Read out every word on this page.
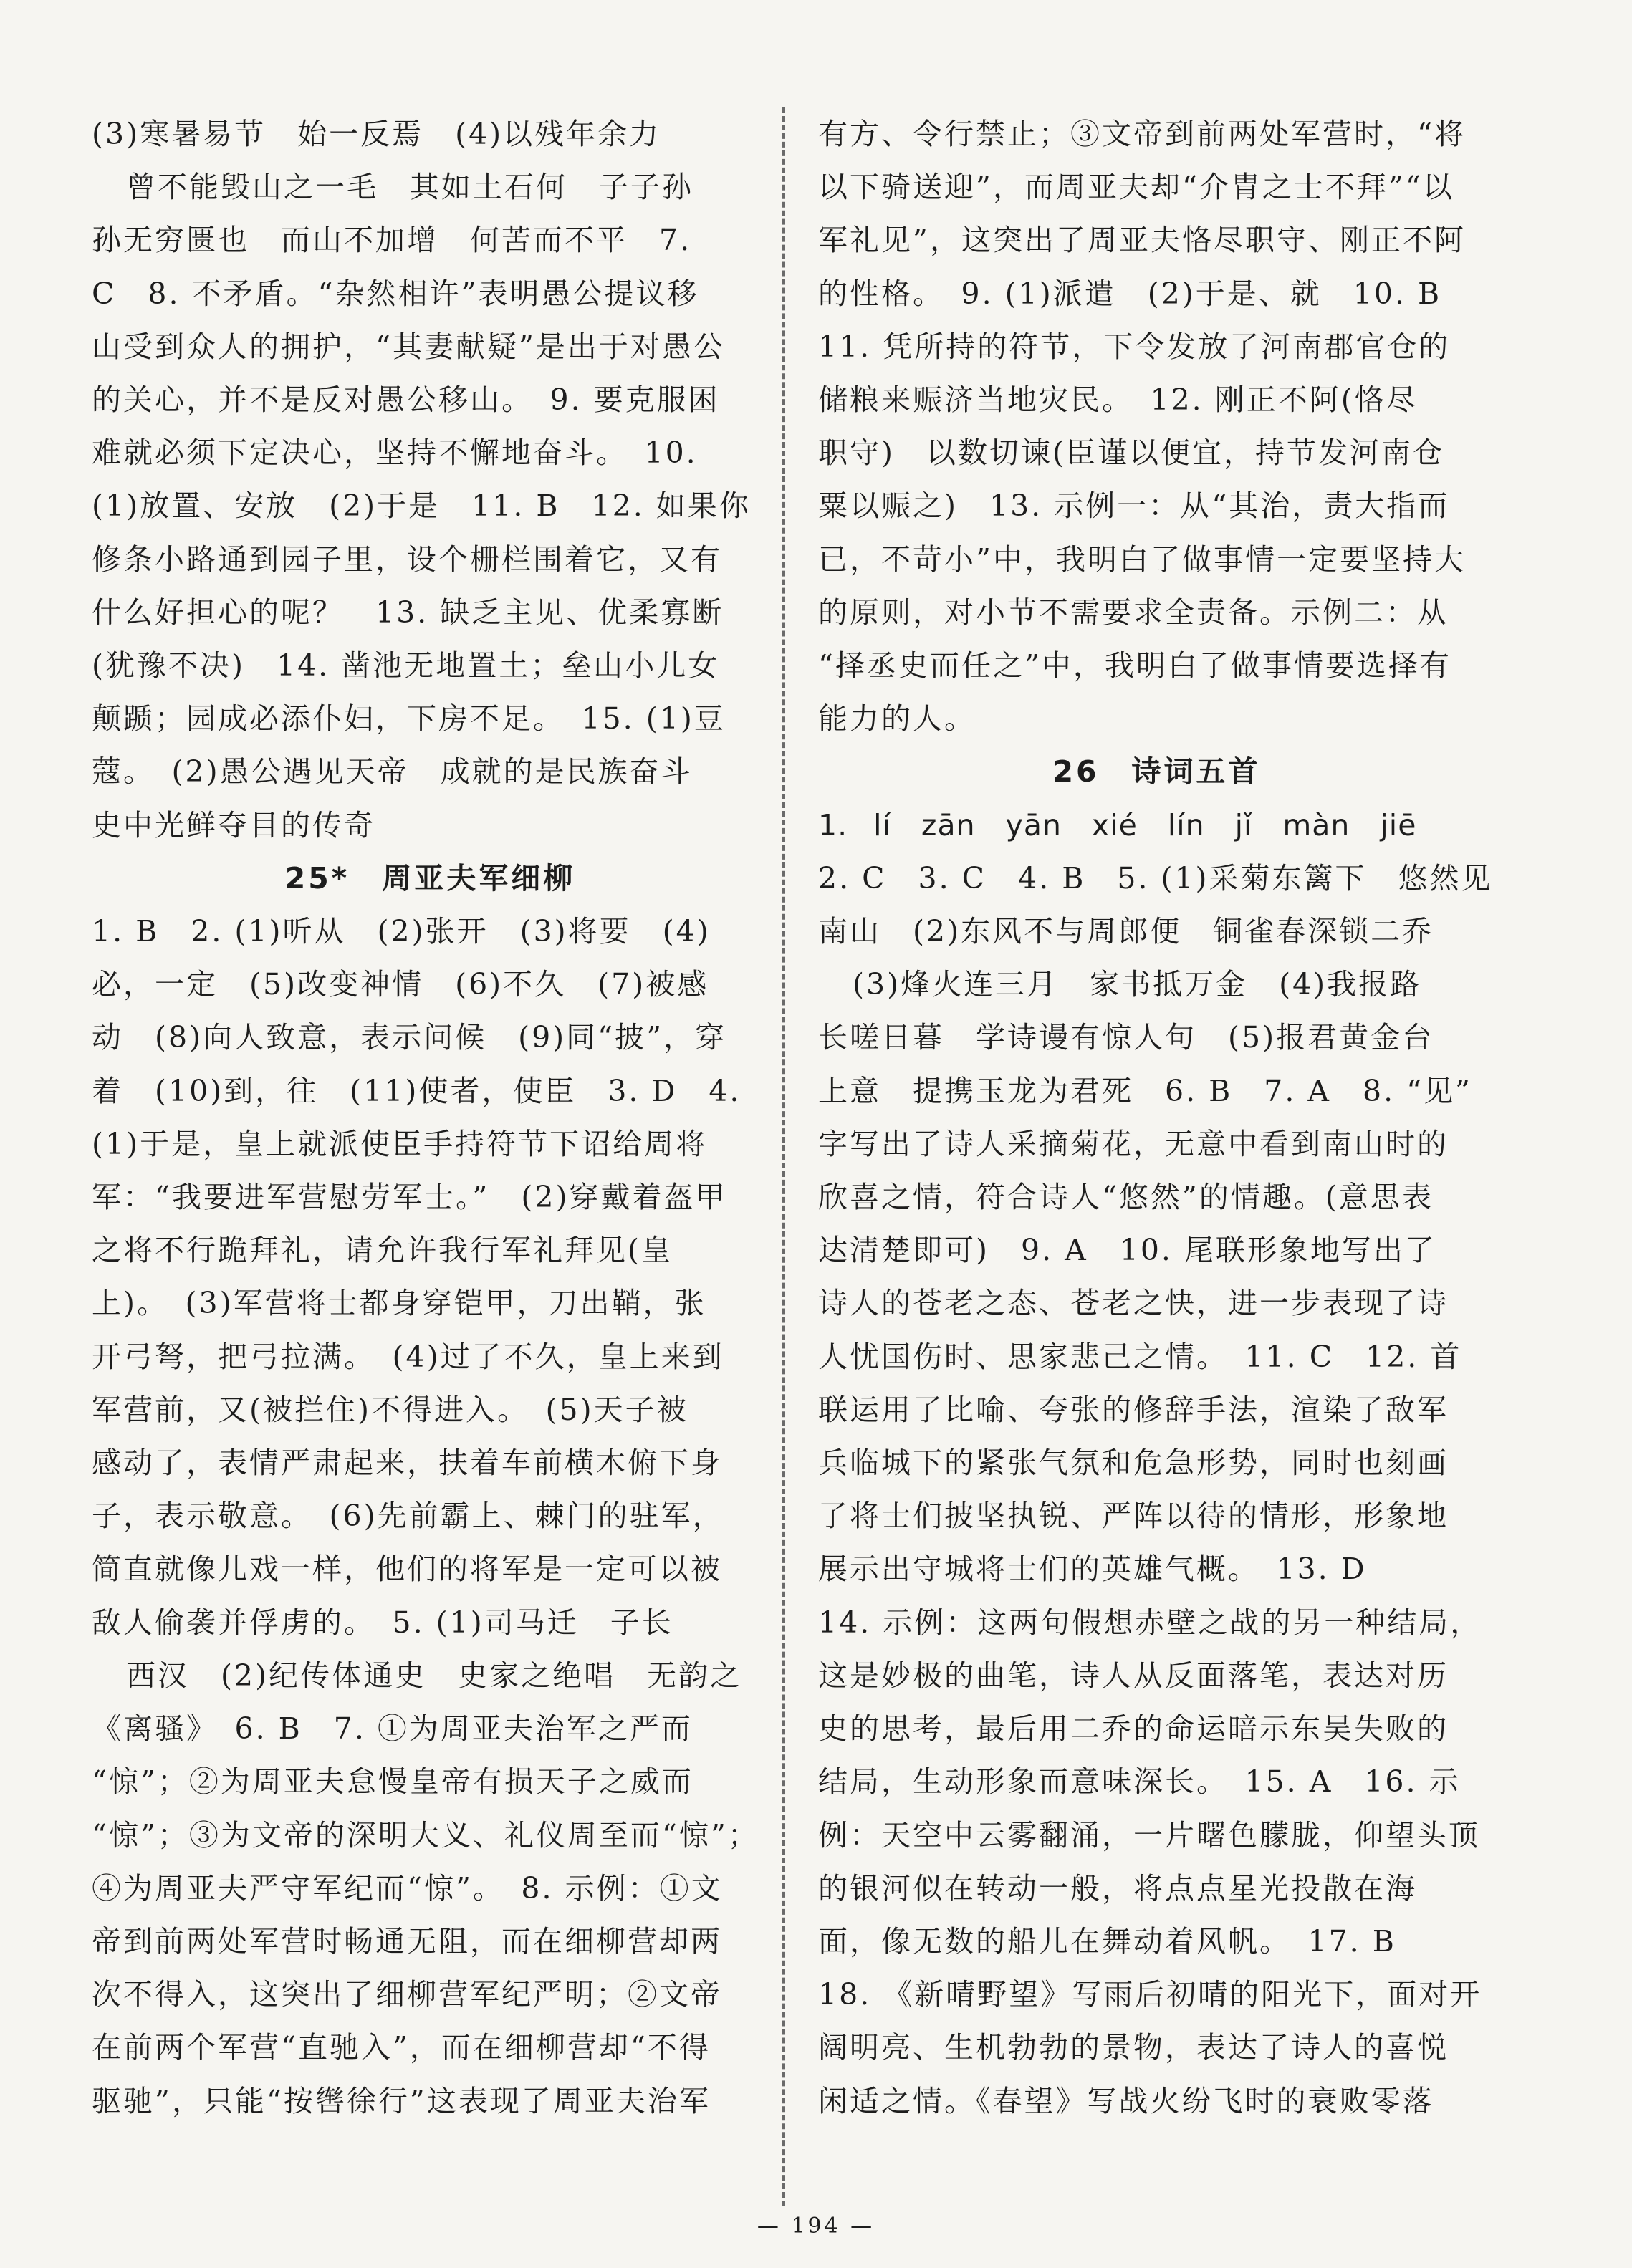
(3)寒暑易节　始一反焉　(4)以残年余力

曾不能毁山之一毛　其如土石何　子子孙

孙无穷匮也　而山不加增　何苦而不平　7.

C　8. 不矛盾。“杂然相许”表明愚公提议移

山受到众人的拥护，“其妻献疑”是出于对愚公

的关心，并不是反对愚公移山。　9. 要克服困

难就必须下定决心，坚持不懈地奋斗。　10.

(1)放置、安放　(2)于是　11. B　12. 如果你

修条小路通到园子里，设个栅栏围着它，又有

什么好担心的呢？　13. 缺乏主见、优柔寡断

(犹豫不决)　14. 凿池无地置土；垒山小儿女

颠踬；园成必添仆妇，下房不足。　15. (1)豆

蔻。　(2)愚公遇见天帝　成就的是民族奋斗

史中光鲜夺目的传奇

25*　周亚夫军细柳

1. B　2. (1)听从　(2)张开　(3)将要　(4)

必，一定　(5)改变神情　(6)不久　(7)被感

动　(8)向人致意，表示问候　(9)同“披”，穿

着　(10)到，往　(11)使者，使臣　3. D　4.

(1)于是，皇上就派使臣手持符节下诏给周将

军：“我要进军营慰劳军士。”　(2)穿戴着盔甲

之将不行跪拜礼，请允许我行军礼拜见(皇

上)。　(3)军营将士都身穿铠甲，刀出鞘，张

开弓弩，把弓拉满。　(4)过了不久，皇上来到

军营前，又(被拦住)不得进入。　(5)天子被

感动了，表情严肃起来，扶着车前横木俯下身

子，表示敬意。　(6)先前霸上、棘门的驻军，

简直就像儿戏一样，他们的将军是一定可以被

敌人偷袭并俘虏的。　5. (1)司马迁　子长

西汉　(2)纪传体通史　史家之绝唱　无韵之

《离骚》　6. B　7. ①为周亚夫治军之严而

“惊”；②为周亚夫怠慢皇帝有损天子之威而

“惊”；③为文帝的深明大义、礼仪周至而“惊”；

④为周亚夫严守军纪而“惊”。　8. 示例：①文

帝到前两处军营时畅通无阻，而在细柳营却两

次不得入，这突出了细柳营军纪严明；②文帝

在前两个军营“直驰入”，而在细柳营却“不得

驱驰”，只能“按辔徐行”这表现了周亚夫治军

有方、令行禁止；③文帝到前两处军营时，“将

以下骑送迎”，而周亚夫却“介胄之士不拜”“以

军礼见”，这突出了周亚夫恪尽职守、刚正不阿

的性格。　9. (1)派遣　(2)于是、就　10. B

11. 凭所持的符节，下令发放了河南郡官仓的

储粮来赈济当地灾民。　12. 刚正不阿(恪尽

职守)　以数切谏(臣谨以便宜，持节发河南仓

粟以赈之)　13. 示例一：从“其治，责大指而

已，不苛小”中，我明白了做事情一定要坚持大

的原则，对小节不需要求全责备。示例二：从

“择丞史而任之”中，我明白了做事情要选择有

能力的人。

26　诗词五首

1. lí　zān　yān　xié　lín　jǐ　màn　jiē

2. C　3. C　4. B　5. (1)采菊东篱下　悠然见

南山　(2)东风不与周郎便　铜雀春深锁二乔

(3)烽火连三月　家书抵万金　(4)我报路

长嗟日暮　学诗谩有惊人句　(5)报君黄金台

上意　提携玉龙为君死　6. B　7. A　8. “见”

字写出了诗人采摘菊花，无意中看到南山时的

欣喜之情，符合诗人“悠然”的情趣。(意思表

达清楚即可)　9. A　10. 尾联形象地写出了

诗人的苍老之态、苍老之快，进一步表现了诗

人忧国伤时、思家悲己之情。　11. C　12. 首

联运用了比喻、夸张的修辞手法，渲染了敌军

兵临城下的紧张气氛和危急形势，同时也刻画

了将士们披坚执锐、严阵以待的情形，形象地

展示出守城将士们的英雄气概。　13. D

14. 示例：这两句假想赤壁之战的另一种结局，

这是妙极的曲笔，诗人从反面落笔，表达对历

史的思考，最后用二乔的命运暗示东吴失败的

结局，生动形象而意味深长。　15. A　16. 示

例：天空中云雾翻涌，一片曙色朦胧，仰望头顶

的银河似在转动一般，将点点星光投散在海

面，像无数的船儿在舞动着风帆。　17. B

18. 《新晴野望》写雨后初晴的阳光下，面对开

阔明亮、生机勃勃的景物，表达了诗人的喜悦

闲适之情。《春望》写战火纷飞时的衰败零落

— 194 —
